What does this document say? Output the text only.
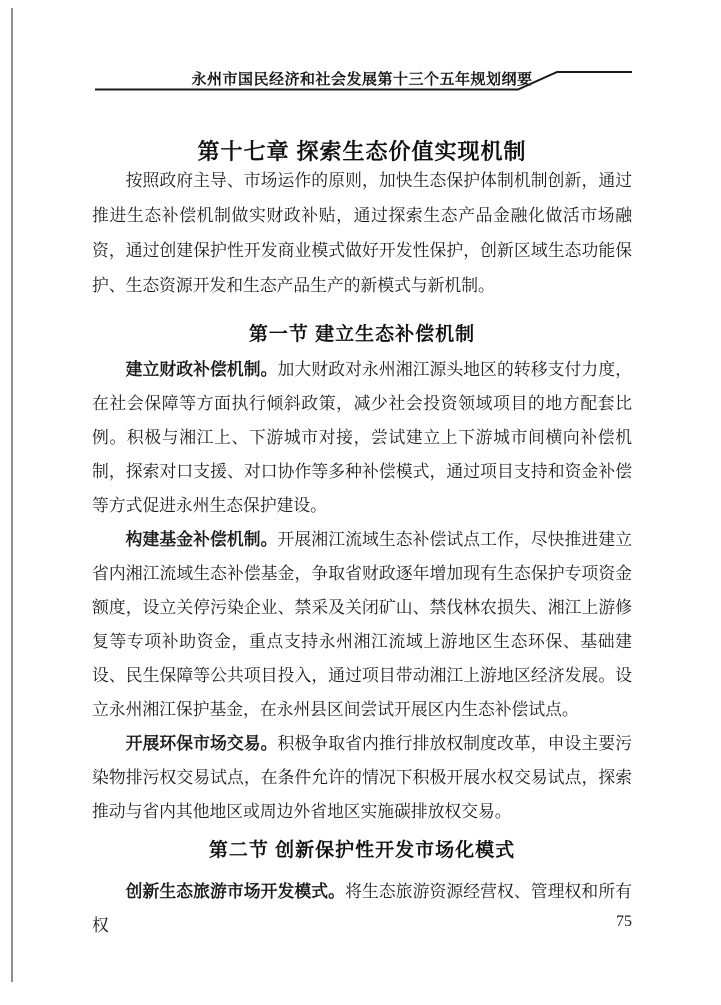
永州市国民经济和社会发展第十三个五年规划纲要
第十七章 探索生态价值实现机制

按照政府主导、市场运作的原则，加快生态保护体制机制创新，通过推进生态补偿机制做实财政补贴，通过探索生态产品金融化做活市场融资，通过创建保护性开发商业模式做好开发性保护，创新区域生态功能保护、生态资源开发和生态产品生产的新模式与新机制。

第一节 建立生态补偿机制

建立财政补偿机制。加大财政对永州湘江源头地区的转移支付力度，在社会保障等方面执行倾斜政策，减少社会投资领域项目的地方配套比例。积极与湘江上、下游城市对接，尝试建立上下游城市间横向补偿机制，探索对口支援、对口协作等多种补偿模式，通过项目支持和资金补偿等方式促进永州生态保护建设。

构建基金补偿机制。开展湘江流域生态补偿试点工作，尽快推进建立省内湘江流域生态补偿基金，争取省财政逐年增加现有生态保护专项资金额度，设立关停污染企业、禁采及关闭矿山、禁伐林农损失、湘江上游修复等专项补助资金，重点支持永州湘江流域上游地区生态环保、基础建设、民生保障等公共项目投入，通过项目带动湘江上游地区经济发展。设立永州湘江保护基金，在永州县区间尝试开展区内生态补偿试点。

开展环保市场交易。积极争取省内推行排放权制度改革，申设主要污染物排污权交易试点，在条件允许的情况下积极开展水权交易试点，探索推动与省内其他地区或周边外省地区实施碳排放权交易。

第二节 创新保护性开发市场化模式

创新生态旅游市场开发模式。将生态旅游资源经营权、管理权和所有权	75
